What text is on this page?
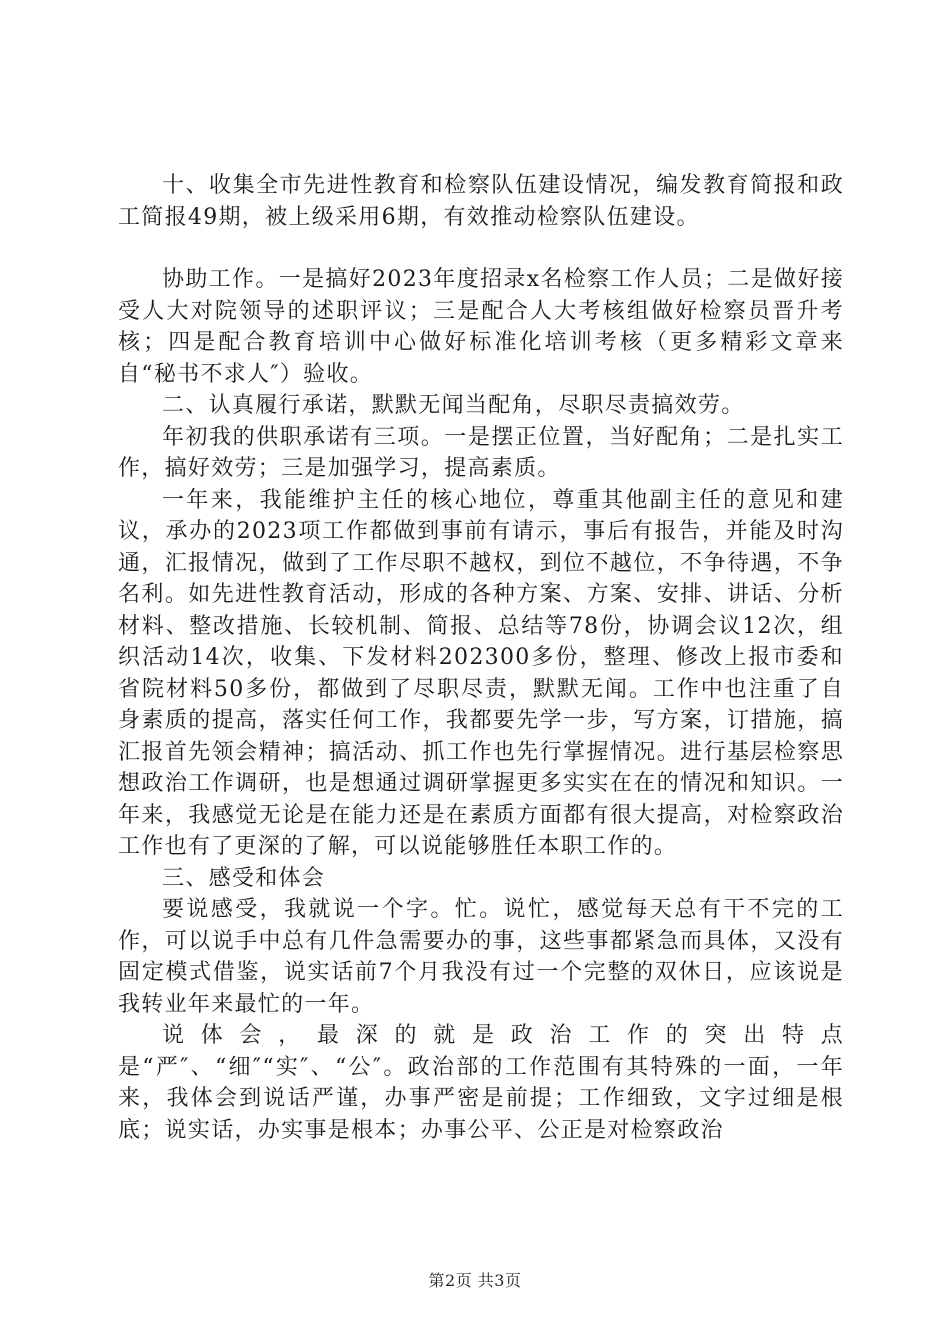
十、收集全市先进性教育和检察队伍建设情况，编发教育简报和政工简报49期，被上级采用6期，有效推动检察队伍建设。

协助工作。一是搞好2023年度招录x名检察工作人员；二是做好接受人大对院领导的述职评议；三是配合人大考核组做好检察员晋升考核；四是配合教育培训中心做好标准化培训考核（更多精彩文章来自“秘书不求人″）验收。

二、认真履行承诺，默默无闻当配角，尽职尽责搞效劳。

年初我的供职承诺有三项。一是摆正位置，当好配角；二是扎实工作，搞好效劳；三是加强学习，提高素质。

一年来，我能维护主任的核心地位，尊重其他副主任的意见和建议，承办的2023项工作都做到事前有请示，事后有报告，并能及时沟通，汇报情况，做到了工作尽职不越权，到位不越位，不争待遇，不争名利。如先进性教育活动，形成的各种方案、方案、安排、讲话、分析材料、整改措施、长较机制、简报、总结等78份，协调会议12次，组织活动14次，收集、下发材料202300多份，整理、修改上报市委和省院材料50多份，都做到了尽职尽责，默默无闻。工作中也注重了自身素质的提高，落实任何工作，我都要先学一步，写方案，订措施，搞汇报首先领会精神；搞活动、抓工作也先行掌握情况。进行基层检察思想政治工作调研，也是想通过调研掌握更多实实在在的情况和知识。一年来，我感觉无论是在能力还是在素质方面都有很大提高，对检察政治工作也有了更深的了解，可以说能够胜任本职工作的。

三、感受和体会

要说感受，我就说一个字。忙。说忙，感觉每天总有干不完的工作，可以说手中总有几件急需要办的事，这些事都紧急而具体，又没有固定模式借鉴，说实话前7个月我没有过一个完整的双休日，应该说是我转业年来最忙的一年。

说体会，最深的就是政治工作的突出特点是“严″、“细″“实″、“公″。政治部的工作范围有其特殊的一面，一年来，我体会到说话严谨，办事严密是前提；工作细致，文字过细是根底；说实话，办实事是根本；办事公平、公正是对检察政治

第2页 共3页
